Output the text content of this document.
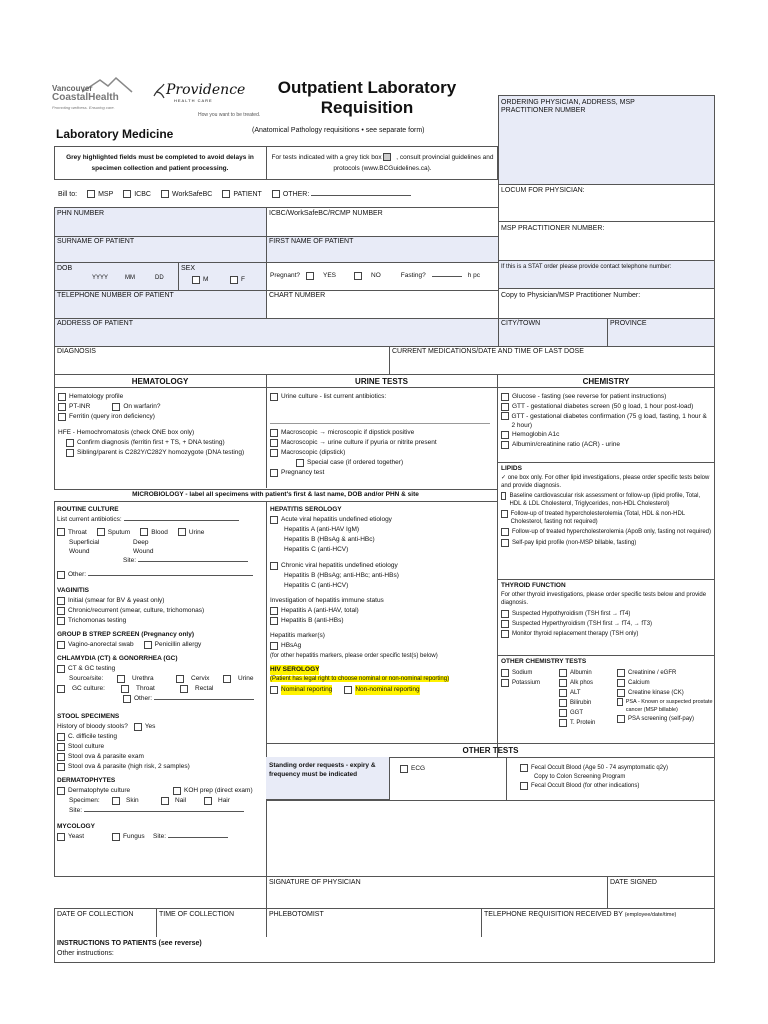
Vancouver
CoastalHealth
Promoting wellness. Ensuring care.
Providence
HEALTH CARE
How you want to be treated.
Outpatient Laboratory
Requisition
Laboratory Medicine	(Anatomical Pathology requisitions • see separate form)
Grey highlighted fields must be completed to avoid delays in specimen collection and patient processing.
For tests indicated with a grey tick box , consult provincial guidelines and protocols (www.BCGuidelines.ca).
ORDERING PHYSICIAN, ADDRESS, MSP PRACTITIONER NUMBER
LOCUM FOR PHYSICIAN:
MSP PRACTITIONER NUMBER:
If this is a STAT order please provide contact telephone number:
Copy to Physician/MSP Practitioner Number:
Bill to:	MSP	ICBC	WorkSafeBC	PATIENT	OTHER:
PHN NUMBER	ICBC/WorkSafeBC/RCMP NUMBER
SURNAME OF PATIENT	FIRST NAME OF PATIENT
DOB
YYYY	MM	DD
SEX
M	F
Pregnant?	YES	NO	Fasting?	h pc
TELEPHONE NUMBER OF PATIENT	CHART NUMBER
ADDRESS OF PATIENT	CITY/TOWN	PROVINCE
DIAGNOSIS	CURRENT MEDICATIONS/DATE AND TIME OF LAST DOSE
HEMATOLOGY	URINE TESTS	CHEMISTRY
Hematology profile
PT-INR	On warfarin?
Ferritin (query iron deficiency)
HFE - Hemochromatosis (check ONE box only)
Confirm diagnosis (ferritin first + TS, + DNA testing)
Sibling/parent is C282Y/C282Y homozygote (DNA testing)
Urine culture - list current antibiotics:
Macroscopic → microscopic if dipstick positive
Macroscopic → urine culture if pyuria or nitrite present
Macroscopic (dipstick)
Special case (if ordered together)
Pregnancy test
MICROBIOLOGY - label all specimens with patient's first & last name, DOB and/or PHN & site
Glucose - fasting (see reverse for patient instructions)
GTT - gestational diabetes screen (50 g load, 1 hour post-load)
GTT - gestational diabetes confirmation (75 g load, fasting, 1 hour & 2 hour)
Hemoglobin A1c
Albumin/creatinine ratio (ACR) - urine
LIPIDS
✓ one box only. For other lipid investigations, please order specific tests below and provide diagnosis.
Baseline cardiovascular risk assessment or follow-up (lipid profile, Total, HDL & LDL Cholesterol, Triglycerides, non-HDL Cholesterol)
Follow-up of treated hypercholesterolemia (Total, HDL & non-HDL Cholesterol, fasting not required)
Follow-up of treated hypercholesterolemia (ApoB only, fasting not required)
Self-pay lipid profile (non-MSP billable, fasting)
THYROID FUNCTION
For other thyroid investigations, please order specific tests below and provide diagnosis.
Suspected Hypothyroidism (TSH first → fT4)
Suspected Hyperthyroidism (TSH first → fT4, → fT3)
Monitor thyroid replacement therapy (TSH only)
OTHER CHEMISTRY TESTS
Sodium
Potassium
Albumin
Alk phos
ALT
Bilirubin
GGT
T. Protein
Creatinine / eGFR
Calcium
Creatine kinase (CK)
PSA - Known or suspected prostate cancer (MSP billable)
PSA screening (self-pay)
ROUTINE CULTURE
List current antibiotics:
Throat	Sputum	Blood	Urine
Superficial Wound
Deep Wound
Site:
Other:
VAGINITIS
Initial (smear for BV & yeast only)
Chronic/recurrent (smear, culture, trichomonas)
Trichomonas testing
GROUP B STREP SCREEN (Pregnancy only)
Vagino-anorectal swab	Penicillin allergy
CHLAMYDIA (CT) & GONORRHEA (GC)
CT & GC testing
Source/site:	Urethra	Cervix	Urine
GC culture:	Throat	Rectal
Other:
STOOL SPECIMENS
History of bloody stools?	Yes
C. difficile testing
Stool culture
Stool ova & parasite exam
Stool ova & parasite (high risk, 2 samples)
DERMATOPHYTES
Dermatophyte culture	KOH prep (direct exam)
Specimen:	Skin	Nail	Hair
Site:
MYCOLOGY
Yeast	Fungus	Site:
HEPATITIS SEROLOGY
Acute viral hepatitis undefined etiology
Hepatitis A (anti-HAV IgM)
Hepatitis B (HBsAg & anti-HBc)
Hepatitis C (anti-HCV)
Chronic viral hepatitis undefined etiology
Hepatitis B (HBsAg; anti-HBc; anti-HBs)
Hepatitis C (anti-HCV)
Investigation of hepatitis immune status
Hepatitis A (anti-HAV, total)
Hepatitis B (anti-HBs)
Hepatitis marker(s)
HBsAg
(for other hepatitis markers, please order specific test(s) below)
HIV SEROLOGY
(Patient has legal right to choose nominal or non-nominal reporting)
Nominal reporting	Non-nominal reporting
OTHER TESTS
Standing order requests - expiry & frequency must be indicated
ECG	Fecal Occult Blood (Age 50 - 74 asymptomatic q2y)
Copy to Colon Screening Program
Fecal Occult Blood (for other indications)
SIGNATURE OF PHYSICIAN	DATE SIGNED
DATE OF COLLECTION	TIME OF COLLECTION	PHLEBOTOMIST	TELEPHONE REQUISITION RECEIVED BY (employee/date/time)
INSTRUCTIONS TO PATIENTS (see reverse)
Other instructions:
